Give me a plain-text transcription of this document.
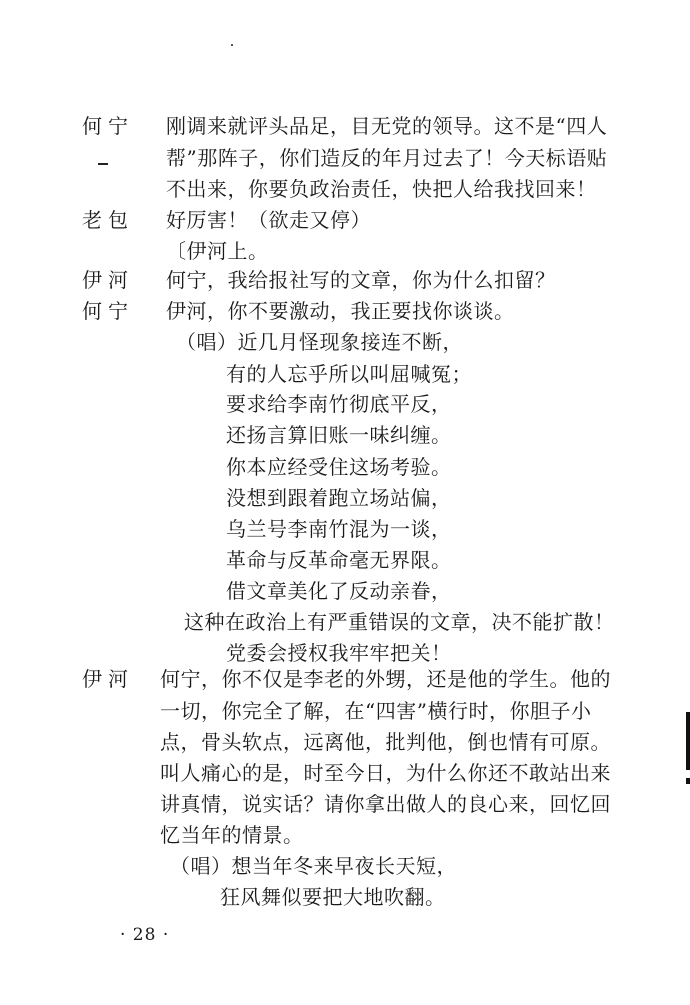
何 宁 刚调来就评头品足，目无党的领导。这不是“四人
帮”那阵子，你们造反的年月过去了！今天标语贴
不出来，你要负政治责任，快把人给我找回来！
老 包 好厉害！（欲走又停）
〔伊河上。
伊 河 何宁，我给报社写的文章，你为什么扣留？
何 宁 伊河，你不要激动，我正要找你谈谈。
（唱）近几月怪现象接连不断，
有的人忘乎所以叫屈喊冤；
要求给李南竹彻底平反，
还扬言算旧账一味纠缠。
你本应经受住这场考验。
没想到跟着跑立场站偏，
乌兰号李南竹混为一谈，
革命与反革命毫无界限。
借文章美化了反动亲眷，
这种在政治上有严重错误的文章，决不能扩散！
党委会授权我牢牢把关！
伊 河 何宁，你不仅是李老的外甥，还是他的学生。他的
一切，你完全了解，在“四害”横行时，你胆子小
点，骨头软点，远离他，批判他，倒也情有可原。
叫人痛心的是，时至今日，为什么你还不敢站出来
讲真情，说实话？请你拿出做人的良心来，回忆回
忆当年的情景。
（唱）想当年冬来早夜长天短，
狂风舞似要把大地吹翻。
· 28 ·
